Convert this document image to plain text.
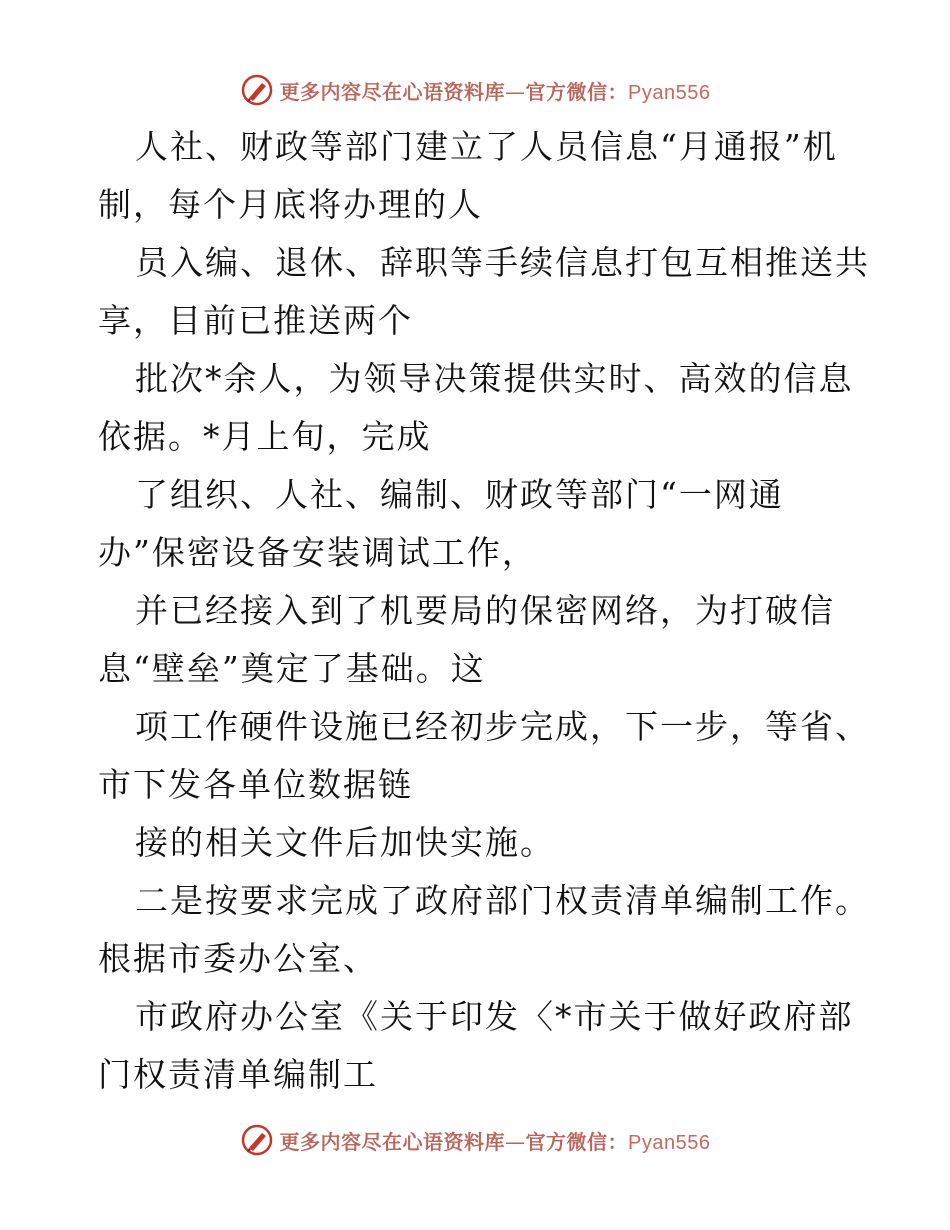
更多内容尽在心语资料库—官方微信：Pyan556
人社、财政等部门建立了人员信息“月通报”机
制，每个月底将办理的人
员入编、退休、辞职等手续信息打包互相推送共
享，目前已推送两个
批次*余人，为领导决策提供实时、高效的信息
依据。*月上旬，完成
了组织、人社、编制、财政等部门“一网通
办”保密设备安装调试工作，
并已经接入到了机要局的保密网络，为打破信
息“壁垒”奠定了基础。这
项工作硬件设施已经初步完成，下一步，等省、
市下发各单位数据链
接的相关文件后加快实施。
二是按要求完成了政府部门权责清单编制工作。
根据市委办公室、
市政府办公室《关于印发〈*市关于做好政府部
门权责清单编制工
更多内容尽在心语资料库—官方微信：Pyan556
